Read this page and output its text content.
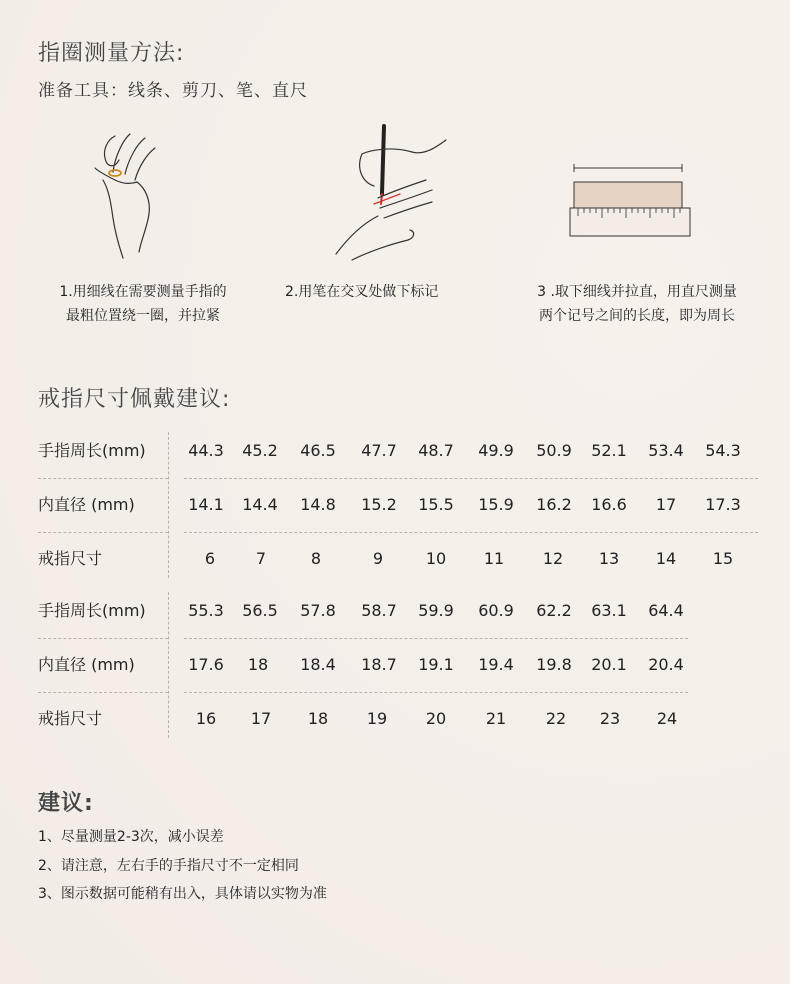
指圈测量方法:
准备工具：线条、剪刀、笔、直尺
1.用细线在需要测量手指的
最粗位置绕一圈，并拉紧
2.用笔在交叉处做下标记	3 .取下细线并拉直，用直尺测量
两个记号之间的长度，即为周长
戒指尺寸佩戴建议:
手指周长(mm)	44.3	45.2	46.5	47.7	48.7	49.9	50.9	52.1	53.4	54.3
内直径 (mm)	14.1	14.4	14.8	15.2	15.5	15.9	16.2	16.6	17	17.3
戒指尺寸	6	7	8	9	10	11	12	13	14	15
手指周长(mm)	55.3	56.5	57.8	58.7	59.9	60.9	62.2	63.1	64.4
内直径 (mm)	17.6	18	18.4	18.7	19.1	19.4	19.8	20.1	20.4
戒指尺寸	16	17	18	19	20	21	22	23	24
建议:
1、尽量测量2-3次，减小误差
2、请注意，左右手的手指尺寸不一定相同
3、图示数据可能稍有出入，具体请以实物为准
